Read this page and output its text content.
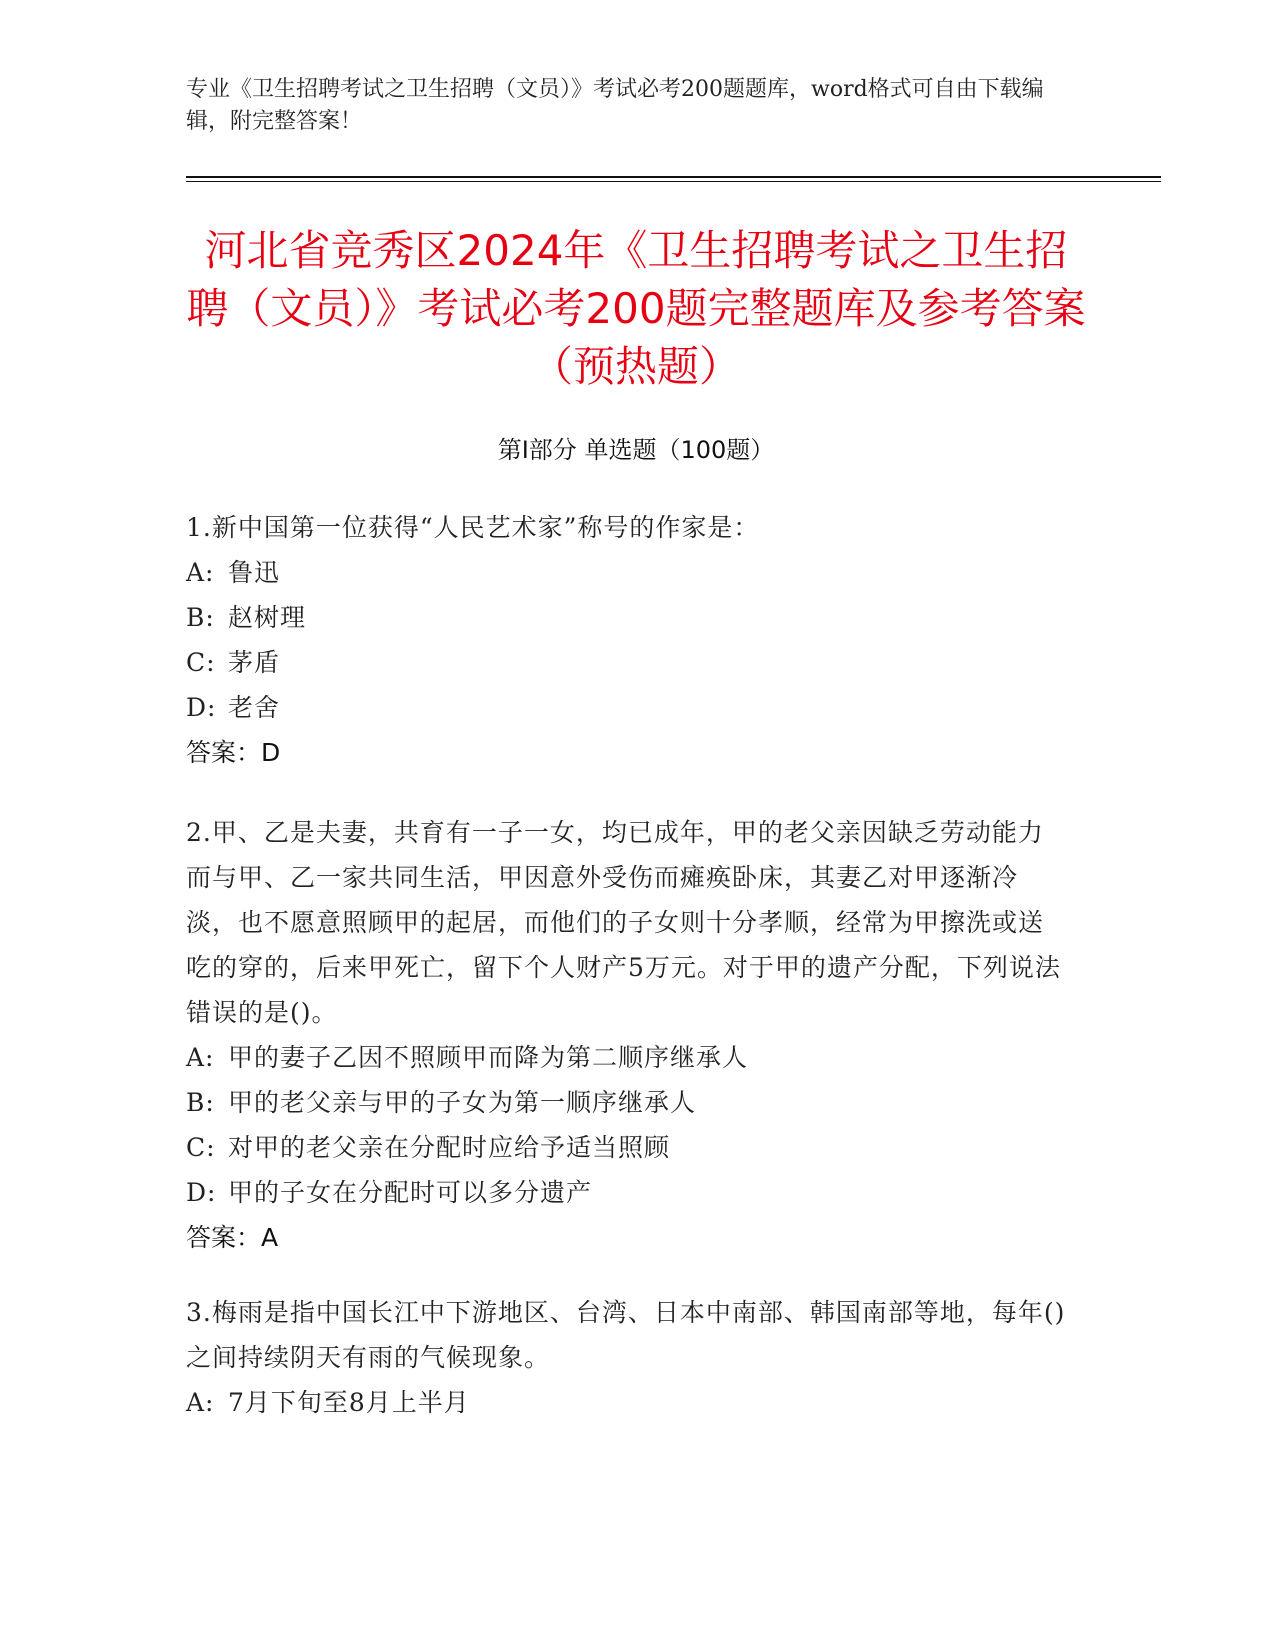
专业《卫生招聘考试之卫生招聘（文员）》考试必考200题题库，word格式可自由下载编辑，附完整答案！
河北省竞秀区2024年《卫生招聘考试之卫生招聘（文员）》考试必考200题完整题库及参考答案（预热题）
第Ⅰ部分 单选题（100题）
1.新中国第一位获得“人民艺术家”称号的作家是：
A: 鲁迅
B: 赵树理
C: 茅盾
D: 老舍
答案：D
2.甲、乙是夫妻，共育有一子一女，均已成年，甲的老父亲因缺乏劳动能力而与甲、乙一家共同生活，甲因意外受伤而瘫痪卧床，其妻乙对甲逐渐冷淡，也不愿意照顾甲的起居，而他们的子女则十分孝顺，经常为甲擦洗或送吃的穿的，后来甲死亡，留下个人财产5万元。对于甲的遗产分配，下列说法错误的是()。
A: 甲的妻子乙因不照顾甲而降为第二顺序继承人
B: 甲的老父亲与甲的子女为第一顺序继承人
C: 对甲的老父亲在分配时应给予适当照顾
D: 甲的子女在分配时可以多分遗产
答案：A
3.梅雨是指中国长江中下游地区、台湾、日本中南部、韩国南部等地，每年()之间持续阴天有雨的气候现象。
A: 7月下旬至8月上半月
